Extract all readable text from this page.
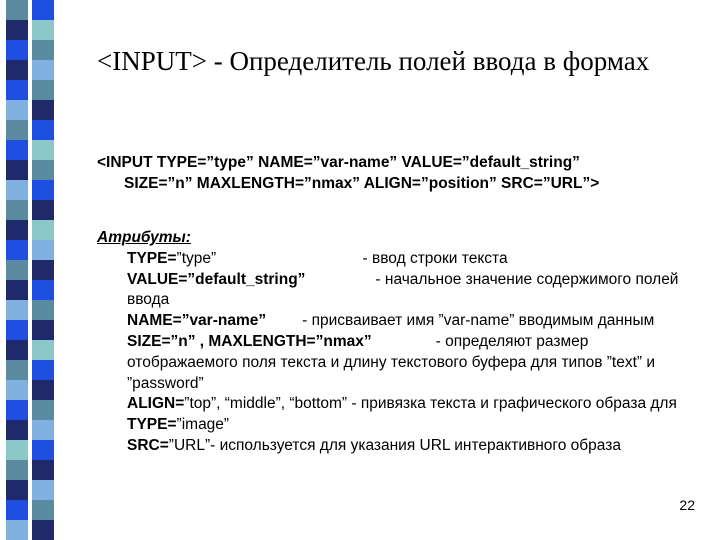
<INPUT> - Определитель полей ввода в формах
<INPUT TYPE=”type” NAME=”var-name” VALUE=”default_string”
SIZE=”n” MAXLENGTH=”nmax” ALIGN=”position” SRC=”URL”>
Атрибуты:
TYPE=”type”	- ввод строки текста
VALUE=”default_string”	- начальное значение содержимого полей ввода
NAME=”var-name” - присваивает имя ”var-name” вводимым данным
SIZE=”n” , MAXLENGTH=”nmax”	- определяют размер отображаемого поля текста и длину текстового буфера для типов ”text” и ”password”
ALIGN=”top”, “middle”, “bottom” - привязка текста и графического образа для TYPE=”image”
SRC=”URL”- используется для указания URL интерактивного образа
22
